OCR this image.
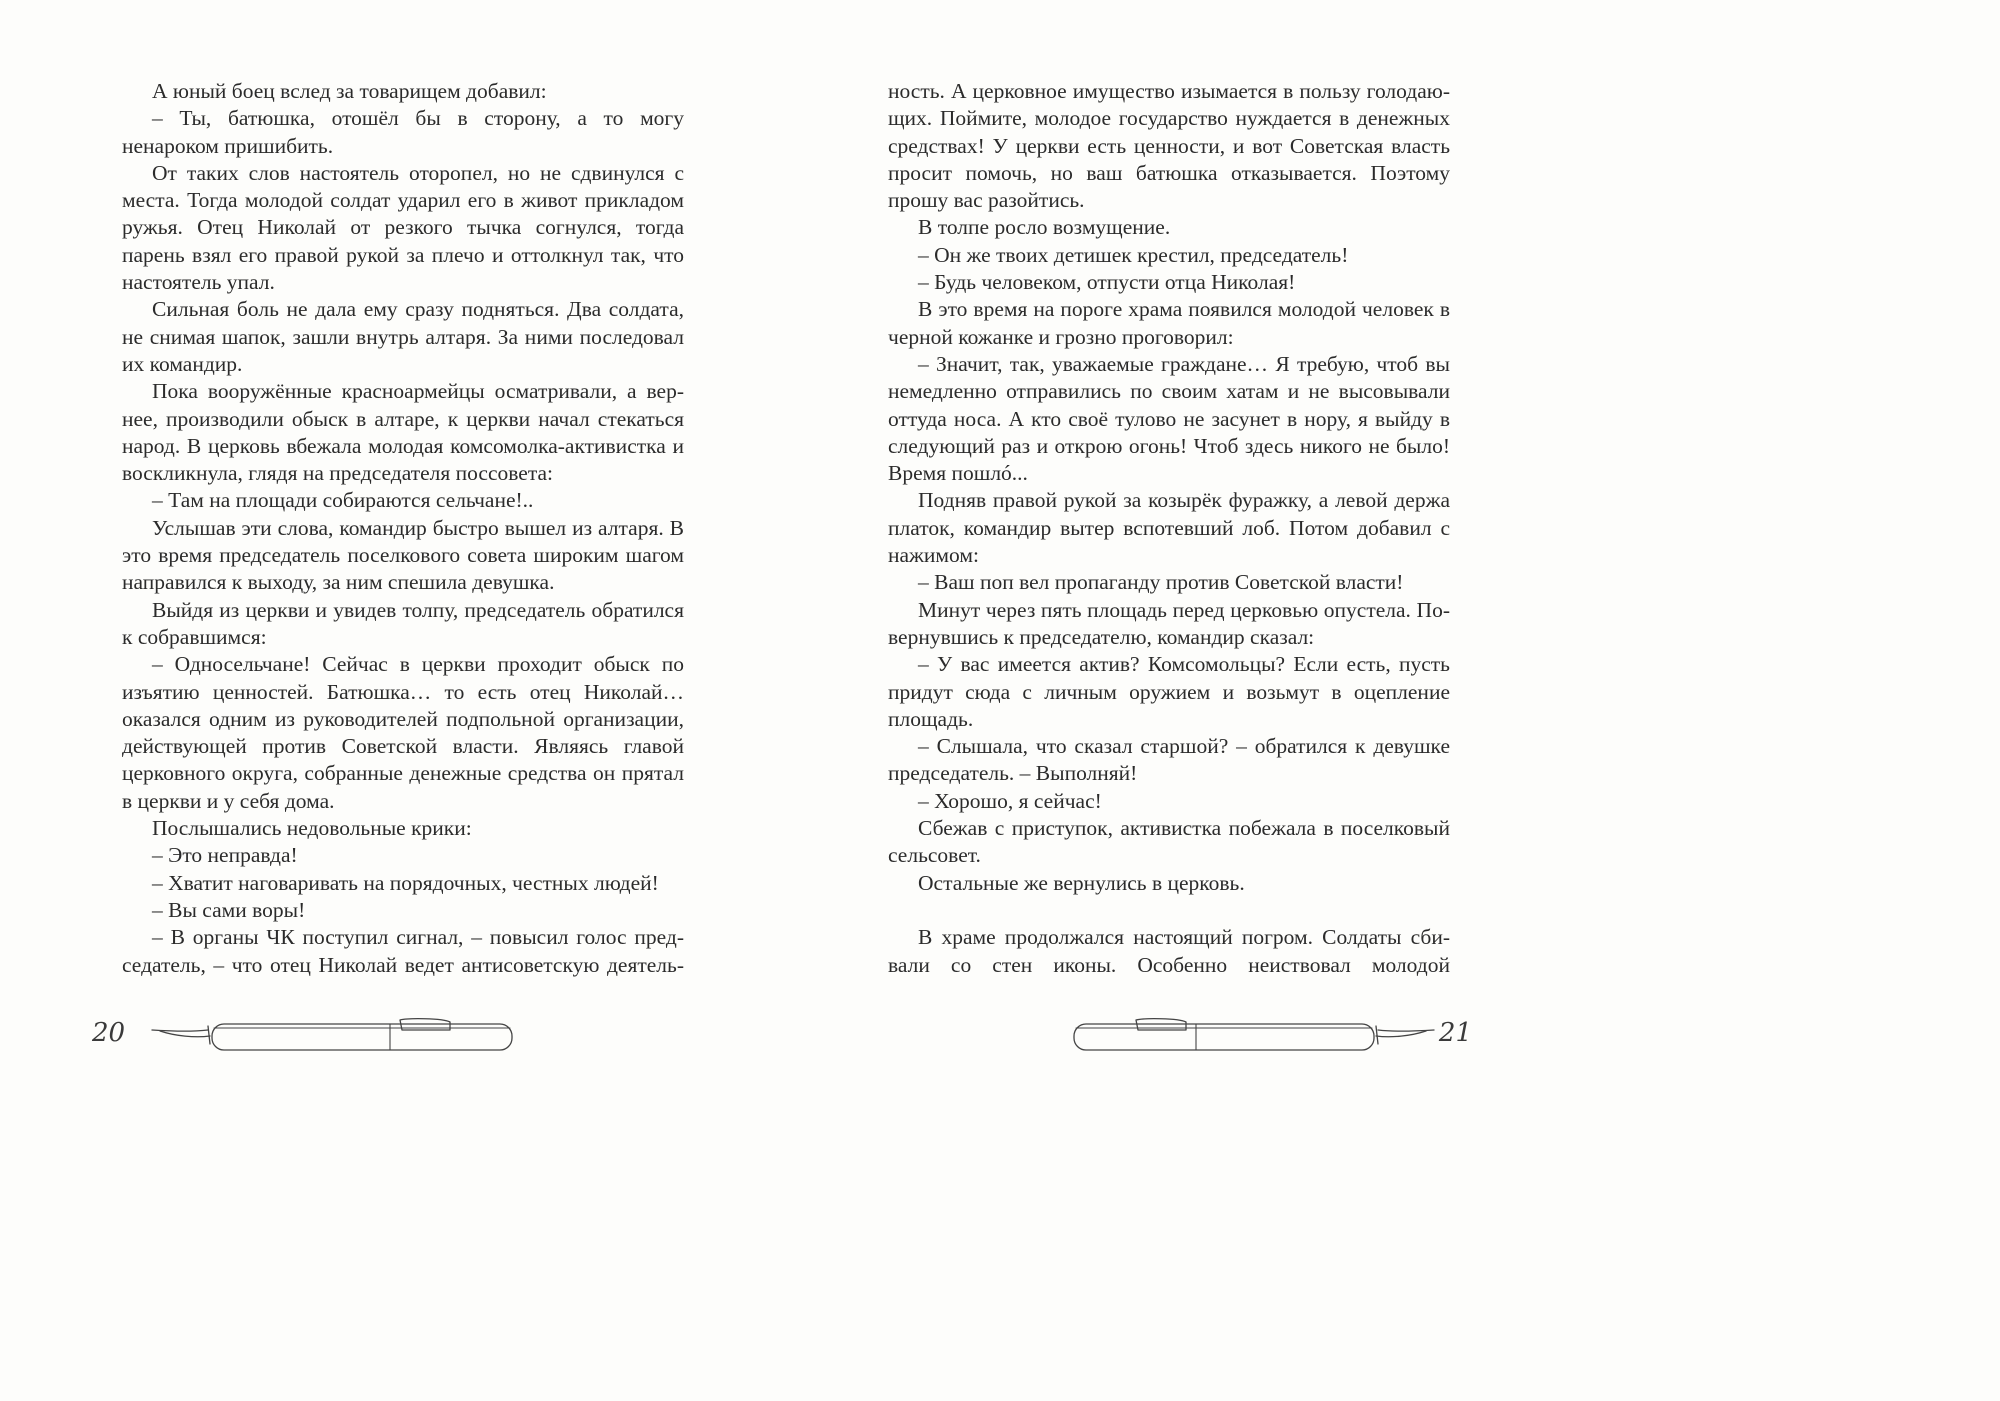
А юный боец вслед за товарищем добавил:

– Ты, батюшка, отошёл бы в сторону, а то могу ненароком пришибить.

От таких слов настоятель оторопел, но не сдвинулся с места. Тогда молодой солдат ударил его в живот прикладом ружья. Отец Николай от резкого тычка согнулся, тогда парень взял его правой рукой за плечо и оттолкнул так, что настоятель упал.

Сильная боль не дала ему сразу подняться. Два солдата, не снимая шапок, зашли внутрь алтаря. За ними последовал их командир.

Пока вооружённые красноармейцы осматривали, а вернее, производили обыск в алтаре, к церкви начал стекаться народ. В церковь вбежала молодая комсомолка-активистка и воскликнула, глядя на председателя поссовета:

– Там на площади собираются сельчане!..

Услышав эти слова, командир быстро вышел из алтаря. В это время председатель поселкового совета широким шагом направился к выходу, за ним спешила девушка.

Выйдя из церкви и увидев толпу, председатель обратился к собравшимся:

– Односельчане! Сейчас в церкви проходит обыск по изъятию ценностей. Батюшка… то есть отец Николай… оказался одним из руководителей подпольной организации, действующей против Советской власти. Являясь главой церковного округа, собранные денежные средства он прятал в церкви и у себя дома.

Послышались недовольные крики:

– Это неправда!

– Хватит наговаривать на порядочных, честных людей!

– Вы сами воры!

– В органы ЧК поступил сигнал, – повысил голос председатель, – что отец Николай ведет антисоветскую деятель-

20

ность. А церковное имущество изымается в пользу голодающих. Поймите, молодое государство нуждается в денежных средствах! У церкви есть ценности, и вот Советская власть просит помочь, но ваш батюшка отказывается. Поэтому прошу вас разойтись.

В толпе росло возмущение.

– Он же твоих детишек крестил, председатель!

– Будь человеком, отпусти отца Николая!

В это время на пороге храма появился молодой человек в черной кожанке и грозно проговорил:

– Значит, так, уважаемые граждане… Я требую, чтоб вы немедленно отправились по своим хатам и не высовывали оттуда носа. А кто своё тулово не засунет в нору, я выйду в следующий раз и открою огонь! Чтоб здесь никого не было! Время пошлó...

Подняв правой рукой за козырёк фуражку, а левой держа платок, командир вытер вспотевший лоб. Потом добавил с нажимом:

– Ваш поп вел пропаганду против Советской власти!

Минут через пять площадь перед церковью опустела. Повернувшись к председателю, командир сказал:

– У вас имеется актив? Комсомольцы? Если есть, пусть придут сюда с личным оружием и возьмут в оцепление площадь.

– Слышала, что сказал старшой? – обратился к девушке председатель. – Выполняй!

– Хорошо, я сейчас!

Сбежав с приступок, активистка побежала в поселковый сельсовет.

Остальные же вернулись в церковь.

В храме продолжался настоящий погром. Солдаты сбивали со стен иконы. Особенно неиствовал молодой

21
